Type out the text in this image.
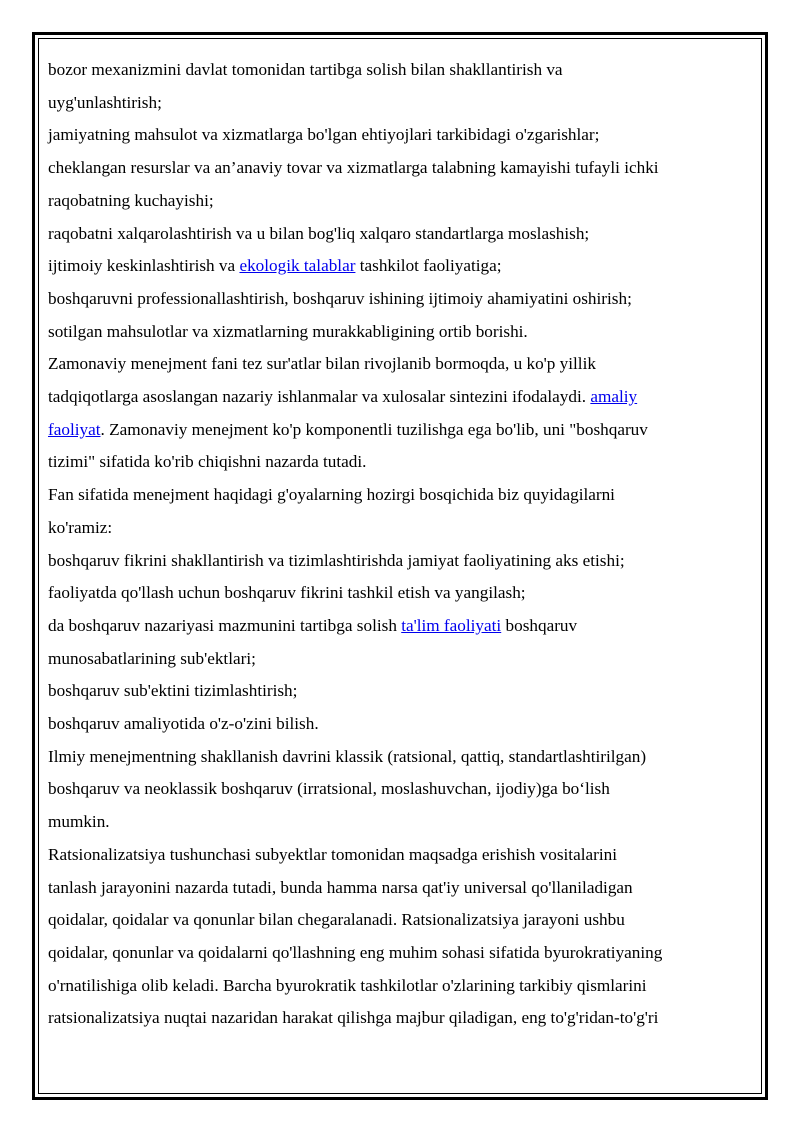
bozor mexanizmini davlat tomonidan tartibga solish bilan shakllantirish va
uyg'unlashtirish;
jamiyatning mahsulot va xizmatlarga bo'lgan ehtiyojlari tarkibidagi o'zgarishlar;
cheklangan resurslar va an’anaviy tovar va xizmatlarga talabning kamayishi tufayli ichki
raqobatning kuchayishi;
raqobatni xalqarolashtirish va u bilan bog'liq xalqaro standartlarga moslashish;
ijtimoiy keskinlashtirish va ekologik talablar tashkilot faoliyatiga;
boshqaruvni professionallashtirish, boshqaruv ishining ijtimoiy ahamiyatini oshirish;
sotilgan mahsulotlar va xizmatlarning murakkabligining ortib borishi.
Zamonaviy menejment fani tez sur'atlar bilan rivojlanib bormoqda, u ko'p yillik
tadqiqotlarga asoslangan nazariy ishlanmalar va xulosalar sintezini ifodalaydi. amaliy
faoliyat. Zamonaviy menejment ko'p komponentli tuzilishga ega bo'lib, uni "boshqaruv
tizimi" sifatida ko'rib chiqishni nazarda tutadi.
Fan sifatida menejment haqidagi g'oyalarning hozirgi bosqichida biz quyidagilarni
ko'ramiz:
boshqaruv fikrini shakllantirish va tizimlashtirishda jamiyat faoliyatining aks etishi;
faoliyatda qo'llash uchun boshqaruv fikrini tashkil etish va yangilash;
da boshqaruv nazariyasi mazmunini tartibga solish ta'lim faoliyati boshqaruv
munosabatlarining sub'ektlari;
boshqaruv sub'ektini tizimlashtirish;
boshqaruv amaliyotida o'z-o'zini bilish.
Ilmiy menejmentning shakllanish davrini klassik (ratsional, qattiq, standartlashtirilgan)
boshqaruv va neoklassik boshqaruv (irratsional, moslashuvchan, ijodiy)ga bo‘lish
mumkin.
Ratsionalizatsiya tushunchasi subyektlar tomonidan maqsadga erishish vositalarini
tanlash jarayonini nazarda tutadi, bunda hamma narsa qat'iy universal qo'llaniladigan
qoidalar, qoidalar va qonunlar bilan chegaralanadi. Ratsionalizatsiya jarayoni ushbu
qoidalar, qonunlar va qoidalarni qo'llashning eng muhim sohasi sifatida byurokratiyaning
o'rnatilishiga olib keladi. Barcha byurokratik tashkilotlar o'zlarining tarkibiy qismlarini
ratsionalizatsiya nuqtai nazaridan harakat qilishga majbur qiladigan, eng to'g'ridan-to'g'ri
